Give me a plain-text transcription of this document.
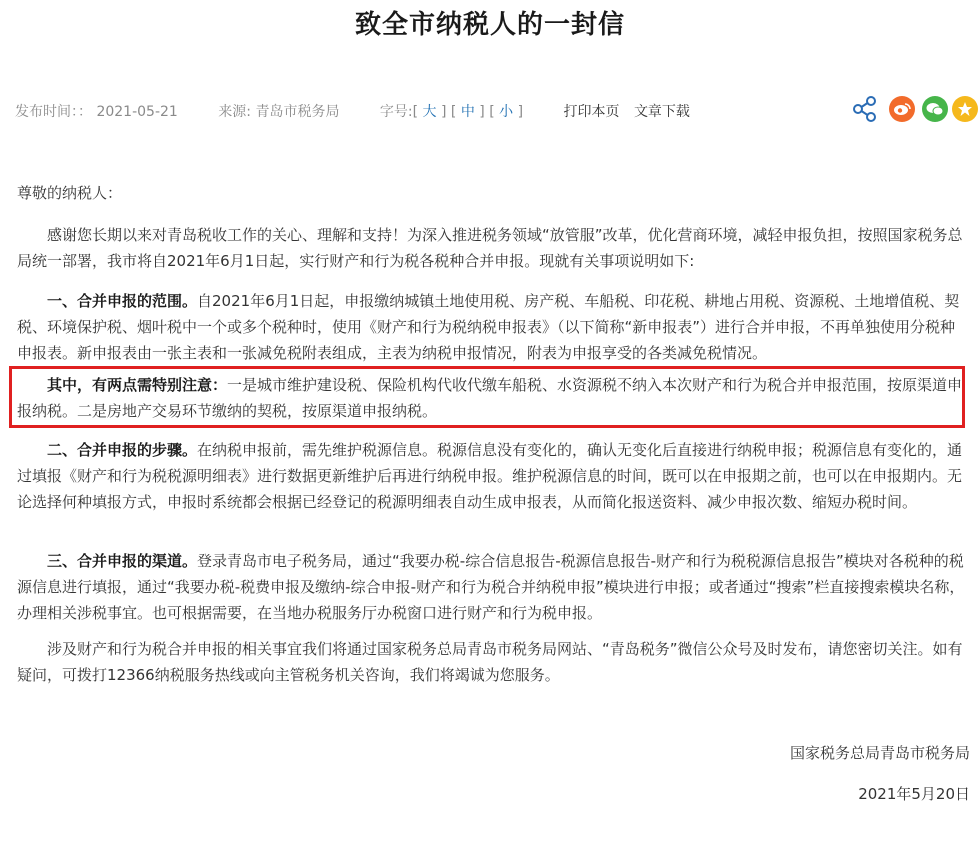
致全市纳税人的一封信
发布时间：： 2021-05-21	来源: 青岛市税务局	字号:[ 大 ] [ 中 ] [ 小 ]	打印本页 文章下载
尊敬的纳税人：
感谢您长期以来对青岛税收工作的关心、理解和支持！为深入推进税务领域“放管服”改革，优化营商环境，减轻申报负担，按照国家税务总局统一部署，我市将自2021年6月1日起，实行财产和行为税各税种合并申报。现就有关事项说明如下:
一、合并申报的范围。自2021年6月1日起，申报缴纳城镇土地使用税、房产税、车船税、印花税、耕地占用税、资源税、土地增值税、契税、环境保护税、烟叶税中一个或多个税种时，使用《财产和行为税纳税申报表》（以下简称“新申报表”）进行合并申报，不再单独使用分税种申报表。新申报表由一张主表和一张减免税附表组成，主表为纳税申报情况，附表为申报享受的各类减免税情况。
其中，有两点需特别注意：一是城市维护建设税、保险机构代收代缴车船税、水资源税不纳入本次财产和行为税合并申报范围，按原渠道申报纳税。二是房地产交易环节缴纳的契税，按原渠道申报纳税。
二、合并申报的步骤。在纳税申报前，需先维护税源信息。税源信息没有变化的，确认无变化后直接进行纳税申报；税源信息有变化的，通过填报《财产和行为税税源明细表》进行数据更新维护后再进行纳税申报。维护税源信息的时间，既可以在申报期之前，也可以在申报期内。无论选择何种填报方式，申报时系统都会根据已经登记的税源明细表自动生成申报表，从而简化报送资料、减少申报次数、缩短办税时间。
三、合并申报的渠道。登录青岛市电子税务局，通过“我要办税-综合信息报告-税源信息报告-财产和行为税税源信息报告”模块对各税种的税源信息进行填报，通过“我要办税-税费申报及缴纳-综合申报-财产和行为税合并纳税申报”模块进行申报；或者通过“搜索”栏直接搜索模块名称，办理相关涉税事宜。也可根据需要，在当地办税服务厅办税窗口进行财产和行为税申报。
涉及财产和行为税合并申报的相关事宜我们将通过国家税务总局青岛市税务局网站、“青岛税务”微信公众号及时发布，请您密切关注。如有疑问，可拨打12366纳税服务热线或向主管税务机关咨询，我们将竭诚为您服务。
国家税务总局青岛市税务局
2021年5月20日
